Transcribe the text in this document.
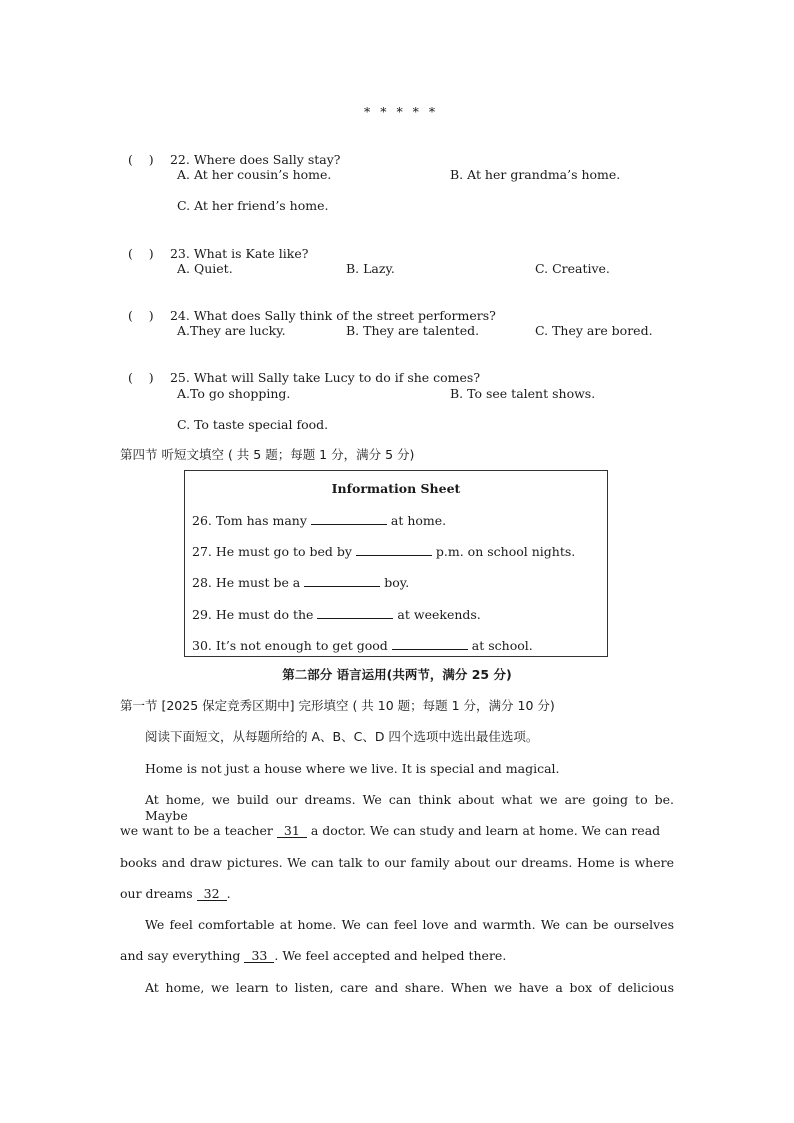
* * * * *

(    ) 22. Where does Sally stay?

A. At her cousin’s home.	B. At her grandma’s home.
C. At her friend’s home.

(    ) 23. What is Kate like?

A. Quiet.	B. Lazy.	C. Creative.

(    ) 24. What does Sally think of the street performers?

A.They are lucky.	B. They are talented.	C. They are bored.

(    ) 25. What will Sally take Lucy to do if she comes?

A.To go shopping.	B. To see talent shows.
C. To taste special food.
第四节 听短文填空 ( 共 5 题；每题 1 分，满分 5 分)
Information Sheet
26. Tom has many	at home.
27. He must go to bed by	p.m. on school nights.
28. He must be a	boy.
29. He must do the	at weekends.
30. It’s not enough to get good	at school.
第二部分 语言运用(共两节，满分 25 分)
第一节 [2025 保定竞秀区期中] 完形填空 ( 共 10 题；每题 1 分，满分 10 分)
阅读下面短文，从每题所给的 A、B、C、D 四个选项中选出最佳选项。
Home is not just a house where we live. It is special and magical.
At home, we build our dreams. We can think about what we are going to be. Maybe
we want to be a teacher 31 a doctor. We can study and learn at home. We can read
books and draw pictures. We can talk to our family about our dreams. Home is where
our dreams 32 .
We feel comfortable at home. We can feel love and warmth. We can be ourselves
and say everything 33 . We feel accepted and helped there.
At home, we learn to listen, care and share. When we have a box of delicious
